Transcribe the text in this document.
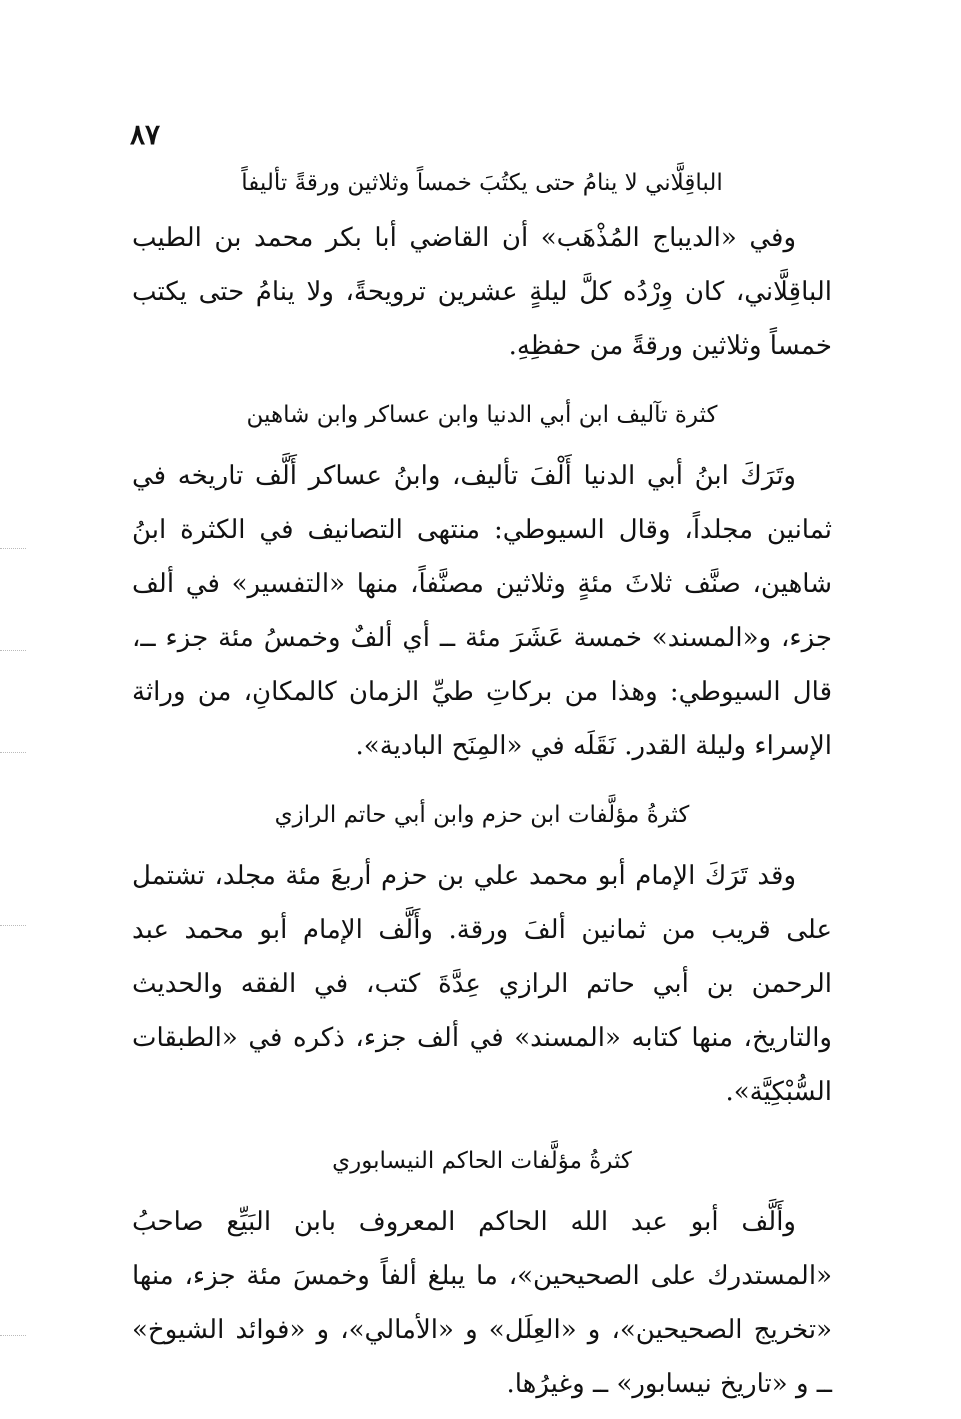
٨٧
الباقِلَّاني لا ينامُ حتى يكتُبَ خمساً وثلاثين ورقةً تأليفاً

وفي «الديباج المُذْهَب» أن القاضي أبا بكر محمد بن الطيب الباقِلَّاني، كان وِرْدُه كلَّ ليلةٍ عشرين ترويحةً، ولا ينامُ حتى يكتب خمساً وثلاثين ورقةً من حفظِهِ.

كثرة تآليف ابن أبي الدنيا وابن عساكر وابن شاهين

وتَرَكَ ابنُ أبي الدنيا أَلْفَ تأليف، وابنُ عساكر أَلَّف تاريخه في ثمانين مجلداً، وقال السيوطي: منتهى التصانيف في الكثرة ابنُ شاهين، صنَّف ثلاثَ مئةٍ وثلاثين مصنَّفاً، منها «التفسير» في ألف جزء، و«المسند» خمسة عَشَرَ مئة ــ أي ألفٌ وخمسُ مئة جزء ــ، قال السيوطي: وهذا من بركاتِ طيِّ الزمان كالمكانِ، من وراثة الإسراء وليلة القدر. نَقَلَه في «المِنَح البادية».

كثرةُ مؤلَّفات ابن حزم وابن أبي حاتم الرازي

وقد تَرَكَ الإمام أبو محمد علي بن حزم أربعَ مئة مجلد، تشتمل على قريب من ثمانين ألفَ ورقة. وأَلَّف الإمام أبو محمد عبد الرحمن بن أبي حاتم الرازي عِدَّةَ كتب، في الفقه والحديث والتاريخ، منها كتابه «المسند» في ألف جزء، ذكره في «الطبقات السُّبْكِيَّة».

كثرةُ مؤلَّفات الحاكم النيسابوري

وأَلَّف أبو عبد الله الحاكم المعروف بابن البَيِّع صاحبُ «المستدرك على الصحيحين»، ما يبلغ ألفاً وخمسَ مئة جزء، منها «تخريج الصحيحين»، و «العِلَل» و «الأمالي»، و «فوائد الشيوخ» ــ و «تاريخ نيسابور» ــ وغيرُها.
